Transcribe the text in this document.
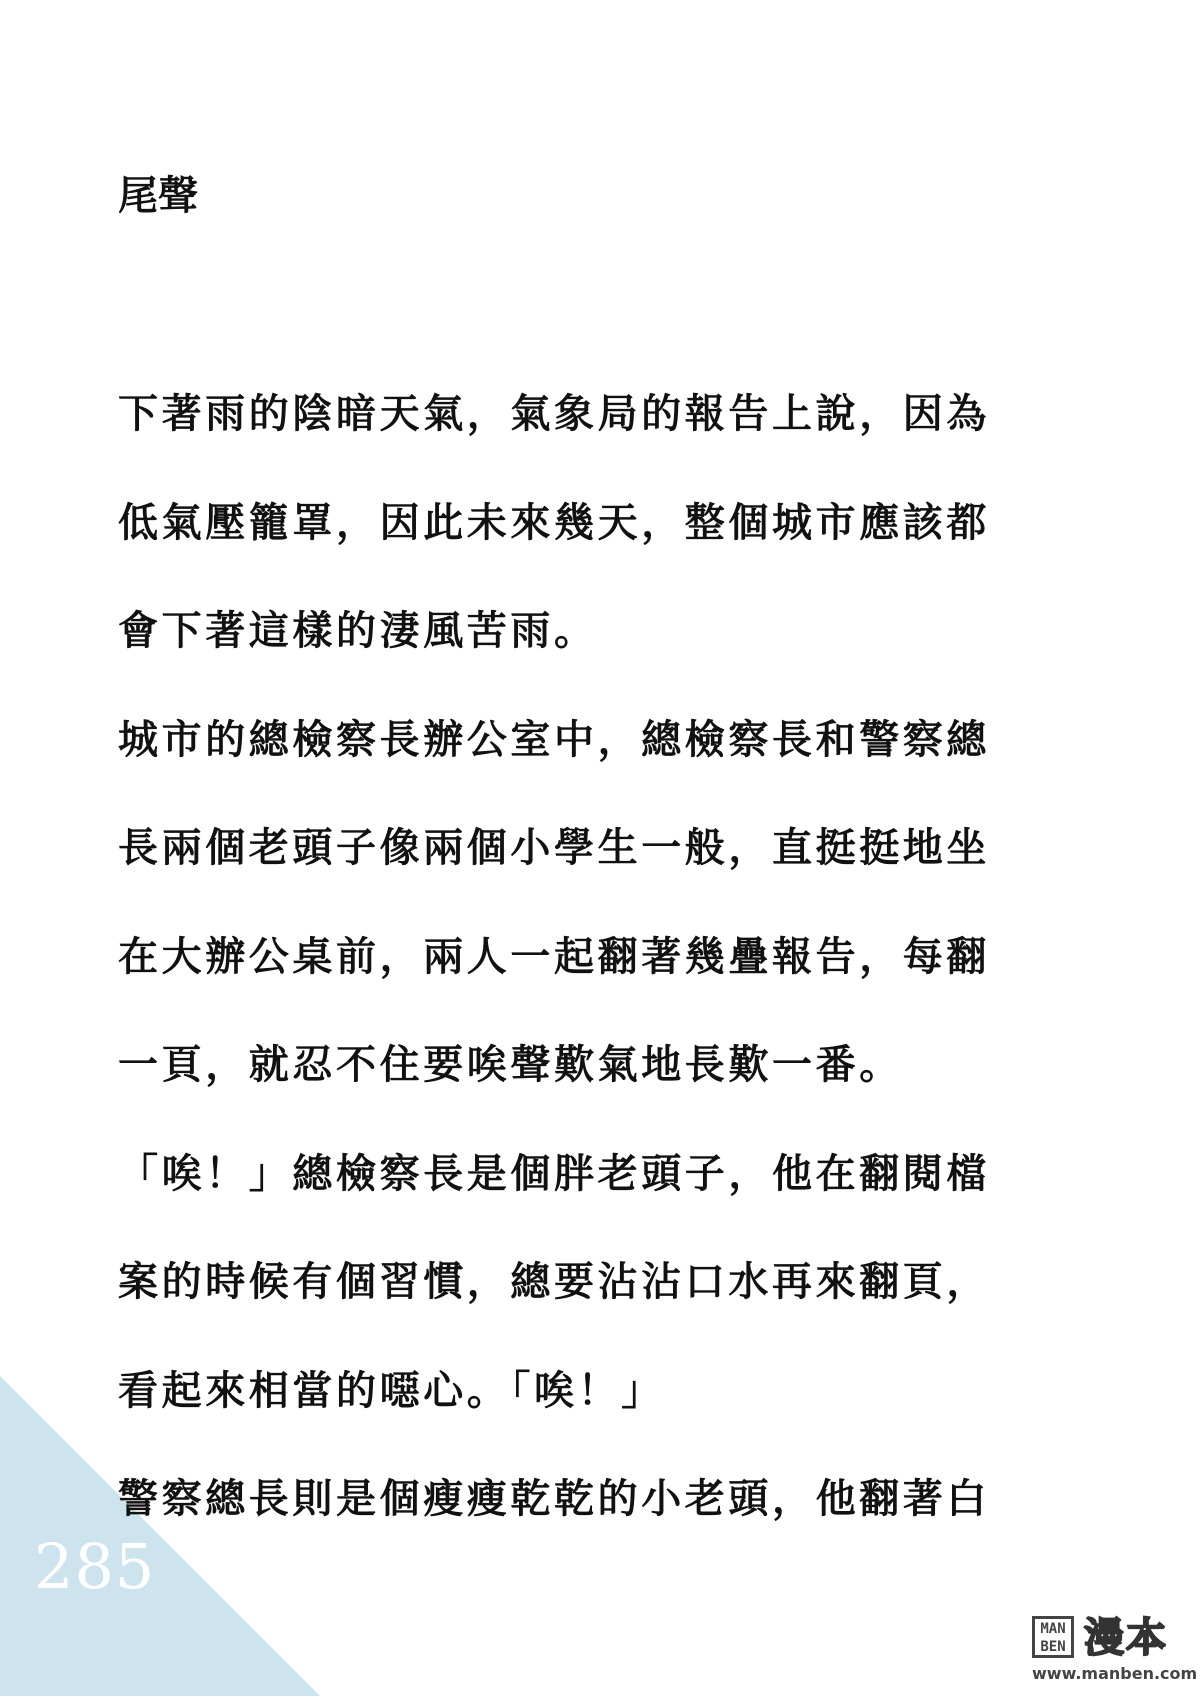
285
尾聲
下著雨的陰暗天氣，氣象局的報告上說，因為
低氣壓籠罩，因此未來幾天，整個城市應該都
會下著這樣的淒風苦雨。
城市的總檢察長辦公室中，總檢察長和警察總
長兩個老頭子像兩個小學生一般，直挺挺地坐
在大辦公桌前，兩人一起翻著幾疊報告，每翻
一頁，就忍不住要唉聲歎氣地長歎一番。
「唉！」總檢察長是個胖老頭子，他在翻閱檔
案的時候有個習慣，總要沾沾口水再來翻頁，
看起來相當的噁心。「唉！」
警察總長則是個瘦瘦乾乾的小老頭，他翻著白
MAN BEN 漫本
www.manben.com
